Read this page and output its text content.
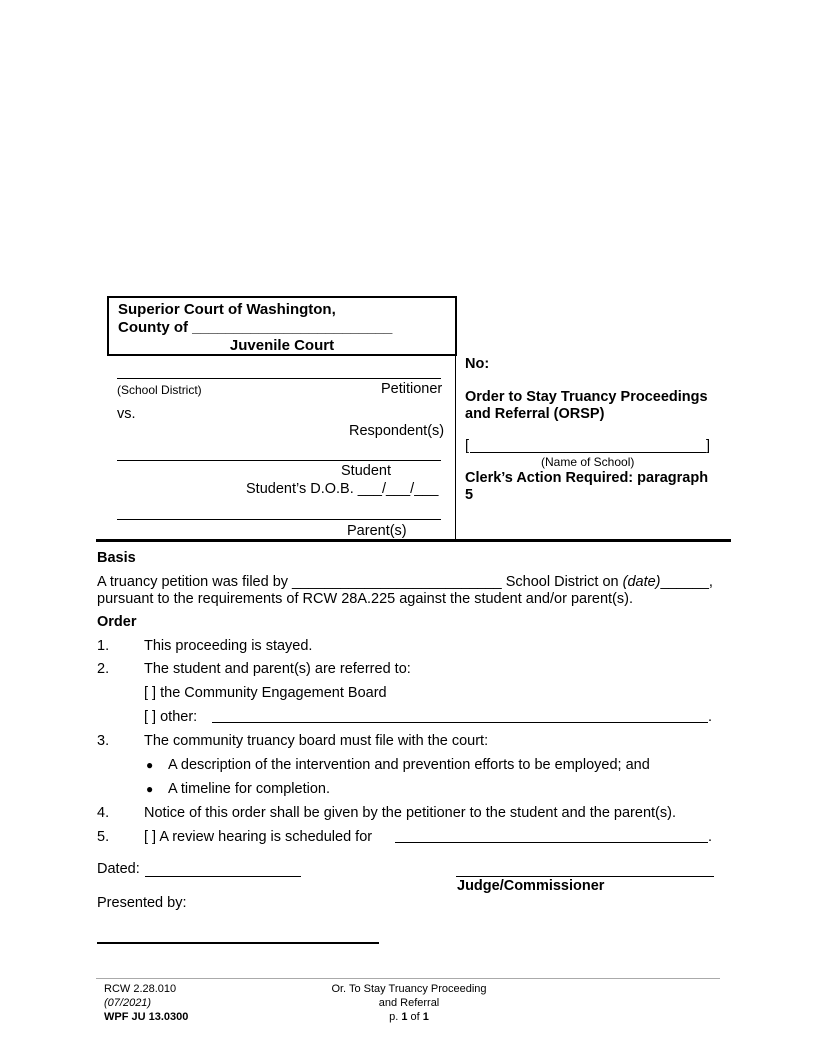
Superior Court of Washington,
County of ________________________
Juvenile Court
(School District)	Petitioner
vs.
Respondent(s)
Student
Student’s D.O.B. ___/___/___
Parent(s)
No:
Order to Stay Truancy Proceedings
and Referral (ORSP)
[	]
(Name of School)
Clerk’s Action Required: paragraph
5
Basis
A truancy petition was filed by __________________________ School District on (date)______,
pursuant to the requirements of RCW 28A.225 against the student and/or parent(s).
Order
1. This proceeding is stayed.
2. The student and parent(s) are referred to:
[ ] the Community Engagement Board
[ ] other:	.
3. The community truancy board must file with the court:
● A description of the intervention and prevention efforts to be employed; and
● A timeline for completion.
4. Notice of this order shall be given by the petitioner to the student and the parent(s).
5. [ ] A review hearing is scheduled for	.
Dated:
Judge/Commissioner
Presented by:
RCW 2.28.010
(07/2021)
WPF JU 13.0300
Or. To Stay Truancy Proceeding
and Referral
p. 1 of 1
